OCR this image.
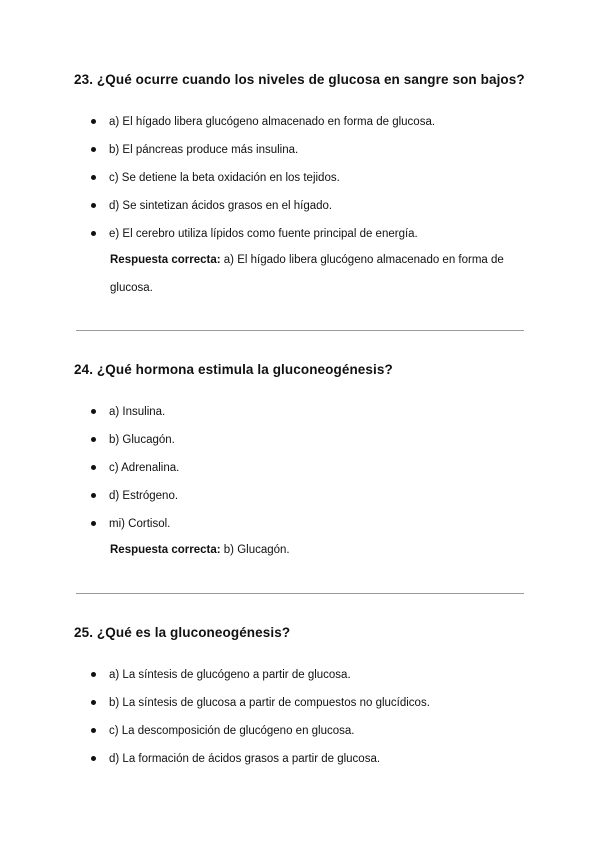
23. ¿Qué ocurre cuando los niveles de glucosa en sangre son bajos?
a) El hígado libera glucógeno almacenado en forma de glucosa.
b) El páncreas produce más insulina.
c) Se detiene la beta oxidación en los tejidos.
d) Se sintetizan ácidos grasos en el hígado.
e) El cerebro utiliza lípidos como fuente principal de energía.
Respuesta correcta: a) El hígado libera glucógeno almacenado en forma de glucosa.
24. ¿Qué hormona estimula la gluconeogénesis?
a) Insulina.
b) Glucagón.
c) Adrenalina.
d) Estrógeno.
mi) Cortisol.
Respuesta correcta: b) Glucagón.
25. ¿Qué es la gluconeogénesis?
a) La síntesis de glucógeno a partir de glucosa.
b) La síntesis de glucosa a partir de compuestos no glucídicos.
c) La descomposición de glucógeno en glucosa.
d) La formación de ácidos grasos a partir de glucosa.
